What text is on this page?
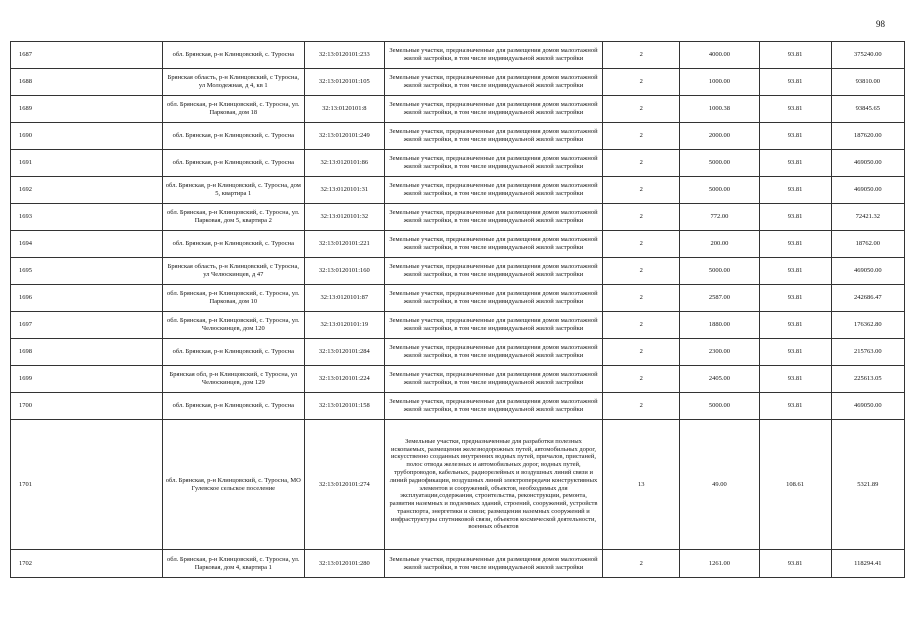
98
1687	обл. Брянская, р-н Клинцовский, с. Туросна	32:13:0120101:233	Земельные участки, предназначенные для размещения домов малоэтажной жилой застройки, в том числе индивидуальной жилой застройки	2	4000.00	93.81	375240.00
1688	Брянская область, р-н Клинцовский, с Туросна, ул Молодежная, д 4, кв 1	32:13:0120101:105	Земельные участки, предназначенные для размещения домов малоэтажной жилой застройки, в том числе индивидуальной жилой застройки	2	1000.00	93.81	93810.00
1689	обл. Брянская, р-н Клинцовский, с. Туросна, ул. Парковая, дом 18	32:13:0120101:8	Земельные участки, предназначенные для размещения домов малоэтажной жилой застройки, в том числе индивидуальной жилой застройки	2	1000.38	93.81	93845.65
1690	обл. Брянская, р-н Клинцовский, с. Туросна	32:13:0120101:249	Земельные участки, предназначенные для размещения домов малоэтажной жилой застройки, в том числе индивидуальной жилой застройки	2	2000.00	93.81	187620.00
1691	обл. Брянская, р-н Клинцовский, с. Туросна	32:13:0120101:86	Земельные участки, предназначенные для размещения домов малоэтажной жилой застройки, в том числе индивидуальной жилой застройки	2	5000.00	93.81	469050.00
1692	обл. Брянская, р-н Клинцовский, с. Туросна, дом 5, квартира 1	32:13:0120101:31	Земельные участки, предназначенные для размещения домов малоэтажной жилой застройки, в том числе индивидуальной жилой застройки	2	5000.00	93.81	469050.00
1693	обл. Брянская, р-н Клинцовский, с. Туросна, ул. Парковая, дом 5, квартира 2	32:13:0120101:32	Земельные участки, предназначенные для размещения домов малоэтажной жилой застройки, в том числе индивидуальной жилой застройки	2	772.00	93.81	72421.32
1694	обл. Брянская, р-н Клинцовский, с. Туросна	32:13:0120101:221	Земельные участки, предназначенные для размещения домов малоэтажной жилой застройки, в том числе индивидуальной жилой застройки	2	200.00	93.81	18762.00
1695	Брянская область, р-н Клинцовский, с Туросна, ул Челюскинцев, д 47	32:13:0120101:160	Земельные участки, предназначенные для размещения домов малоэтажной жилой застройки, в том числе индивидуальной жилой застройки	2	5000.00	93.81	469050.00
1696	обл. Брянская, р-н Клинцовский, с. Туросна, ул. Парковая, дом 10	32:13:0120101:87	Земельные участки, предназначенные для размещения домов малоэтажной жилой застройки, в том числе индивидуальной жилой застройки	2	2587.00	93.81	242686.47
1697	обл. Брянская, р-н Клинцовский, с. Туросна, ул. Челюскинцев, дом 120	32:13:0120101:19	Земельные участки, предназначенные для размещения домов малоэтажной жилой застройки, в том числе индивидуальной жилой застройки	2	1880.00	93.81	176362.80
1698	обл. Брянская, р-н Клинцовский, с. Туросна	32:13:0120101:284	Земельные участки, предназначенные для размещения домов малоэтажной жилой застройки, в том числе индивидуальной жилой застройки	2	2300.00	93.81	215763.00
1699	Брянская обл, р-н Клинцовский, с Туросна, ул Челюскинцев, дом 129	32:13:0120101:224	Земельные участки, предназначенные для размещения домов малоэтажной жилой застройки, в том числе индивидуальной жилой застройки	2	2405.00	93.81	225613.05
1700	обл. Брянская, р-н Клинцовский, с. Туросна	32:13:0120101:158	Земельные участки, предназначенные для размещения домов малоэтажной жилой застройки, в том числе индивидуальной жилой застройки	2	5000.00	93.81	469050.00
1701	обл. Брянская, р-н Клинцовский, с. Туросна, МО Гулевское сельское поселение	32:13:0120101:274	Земельные участки, предназначенные для разработки полезных ископаемых, размещения железнодорожных путей, автомобильных дорог, искусственно созданных внутренних водных путей, причалов, пристаней, полос отвода железных и автомобильных дорог, водных путей, трубопроводов, кабельных, радиорелейных и воздушных линий связи и линий радиофикации, воздушных линий электропередачи конструктивных элементов и сооружений, объектов, необходимых для эксплуатации,содержания, строительства, реконструкции, ремонта, развития наземных и подземных зданий, строений, сооружений, устройств транспорта, энергетики и связи; размещения наземных сооружений и инфраструктуры спутниковой связи, объектов космической деятельности, военных объектов	13	49.00	108.61	5321.89
1702	обл. Брянская, р-н Клинцовский, с. Туросна, ул. Парковая, дом 4, квартира 1	32:13:0120101:280	Земельные участки, предназначенные для размещения домов малоэтажной жилой застройки, в том числе индивидуальной жилой застройки	2	1261.00	93.81	118294.41
